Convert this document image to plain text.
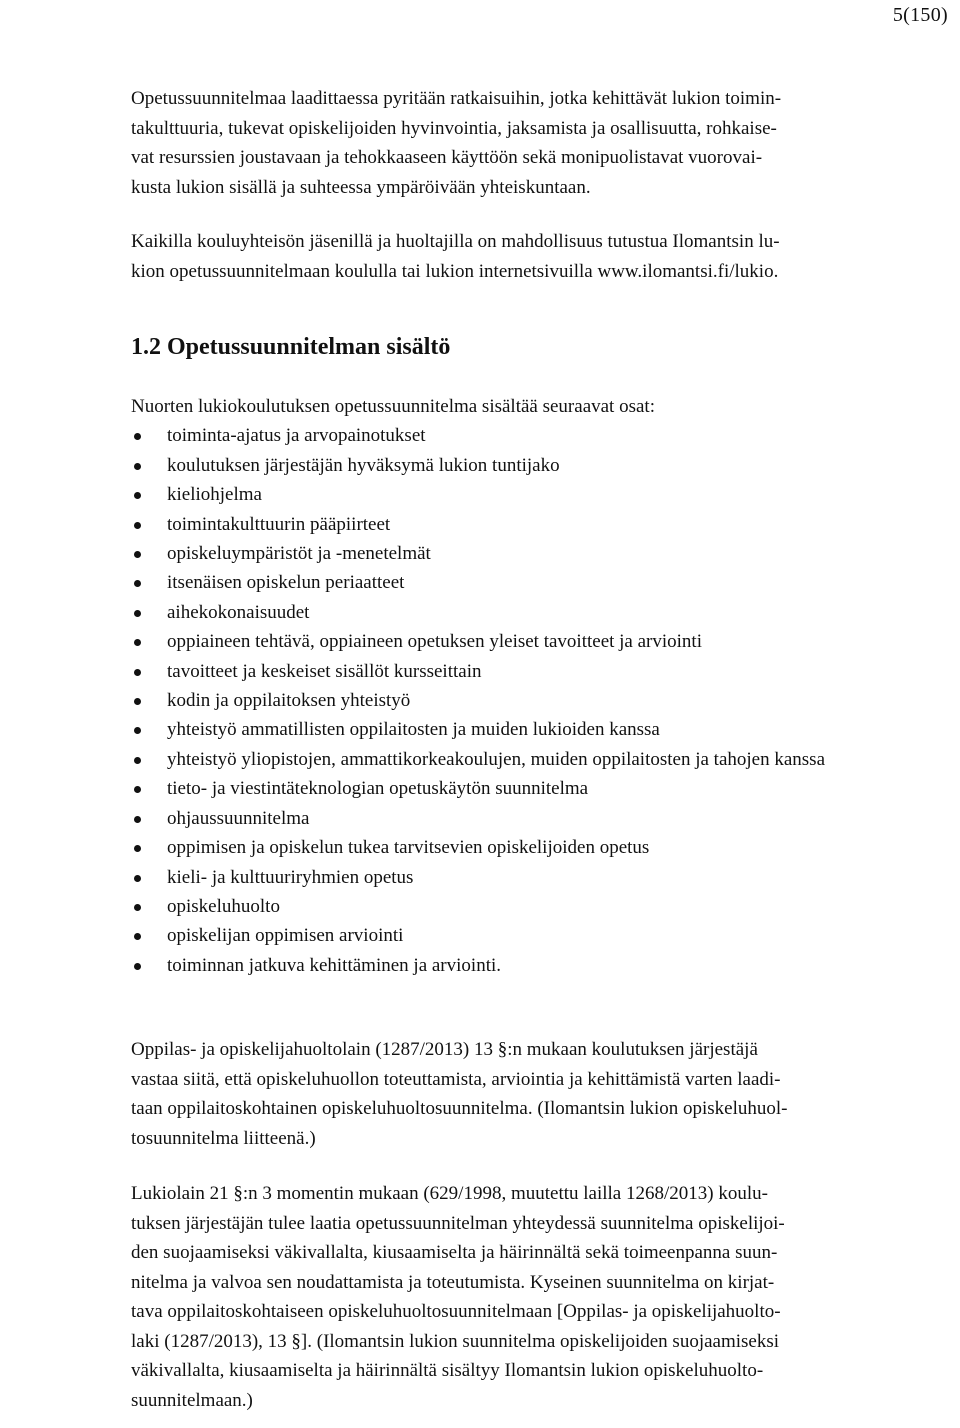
5(150)

Opetussuunnitelmaa laadittaessa pyritään ratkaisuihin, jotka kehittävät lukion toimin-
takulttuuria, tukevat opiskelijoiden hyvinvointia, jaksamista ja osallisuutta, rohkaise-
vat resurssien joustavaan ja tehokkaaseen käyttöön sekä monipuolistavat vuorovai-
kusta lukion sisällä ja suhteessa ympäröivään yhteiskuntaan.

Kaikilla kouluyhteisön jäsenillä ja huoltajilla on mahdollisuus tutustua Ilomantsin lu-
kion opetussuunnitelmaan koululla tai lukion internetsivuilla www.ilomantsi.fi/lukio.

1.2 Opetussuunnitelman sisältö

Nuorten lukiokoulutuksen opetussuunnitelma sisältää seuraavat osat:

toiminta-ajatus ja arvopainotukset
koulutuksen järjestäjän hyväksymä lukion tuntijako
kieliohjelma
toimintakulttuurin pääpiirteet
opiskeluympäristöt ja -menetelmät
itsenäisen opiskelun periaatteet
aihekokonaisuudet
oppiaineen tehtävä, oppiaineen opetuksen yleiset tavoitteet ja arviointi
tavoitteet ja keskeiset sisällöt kursseittain
kodin ja oppilaitoksen yhteistyö
yhteistyö ammatillisten oppilaitosten ja muiden lukioiden kanssa
yhteistyö yliopistojen, ammattikorkeakoulujen, muiden oppilaitosten ja tahojen kanssa
tieto- ja viestintäteknologian opetuskäytön suunnitelma
ohjaussuunnitelma
oppimisen ja opiskelun tukea tarvitsevien opiskelijoiden opetus
kieli- ja kulttuuriryhmien opetus
opiskeluhuolto
opiskelijan oppimisen arviointi
toiminnan jatkuva kehittäminen ja arviointi.

Oppilas- ja opiskelijahuoltolain (1287/2013) 13 §:n mukaan koulutuksen järjestäjä
vastaa siitä, että opiskeluhuollon toteuttamista, arviointia ja kehittämistä varten laadi-
taan oppilaitoskohtainen opiskeluhuoltosuunnitelma. (Ilomantsin lukion opiskeluhuol-
tosuunnitelma liitteenä.)

Lukiolain 21 §:n 3 momentin mukaan (629/1998, muutettu lailla 1268/2013) koulu-
tuksen järjestäjän tulee laatia opetussuunnitelman yhteydessä suunnitelma opiskelijoi-
den suojaamiseksi väkivallalta, kiusaamiselta ja häirinnältä sekä toimeenpanna suun-
nitelma ja valvoa sen noudattamista ja toteutumista. Kyseinen suunnitelma on kirjat-
tava oppilaitoskohtaiseen opiskeluhuoltosuunnitelmaan [Oppilas- ja opiskelijahuolto-
laki (1287/2013), 13 §]. (Ilomantsin lukion suunnitelma opiskelijoiden suojaamiseksi
väkivallalta, kiusaamiselta ja häirinnältä sisältyy Ilomantsin lukion opiskeluhuolto-
suunnitelmaan.)
